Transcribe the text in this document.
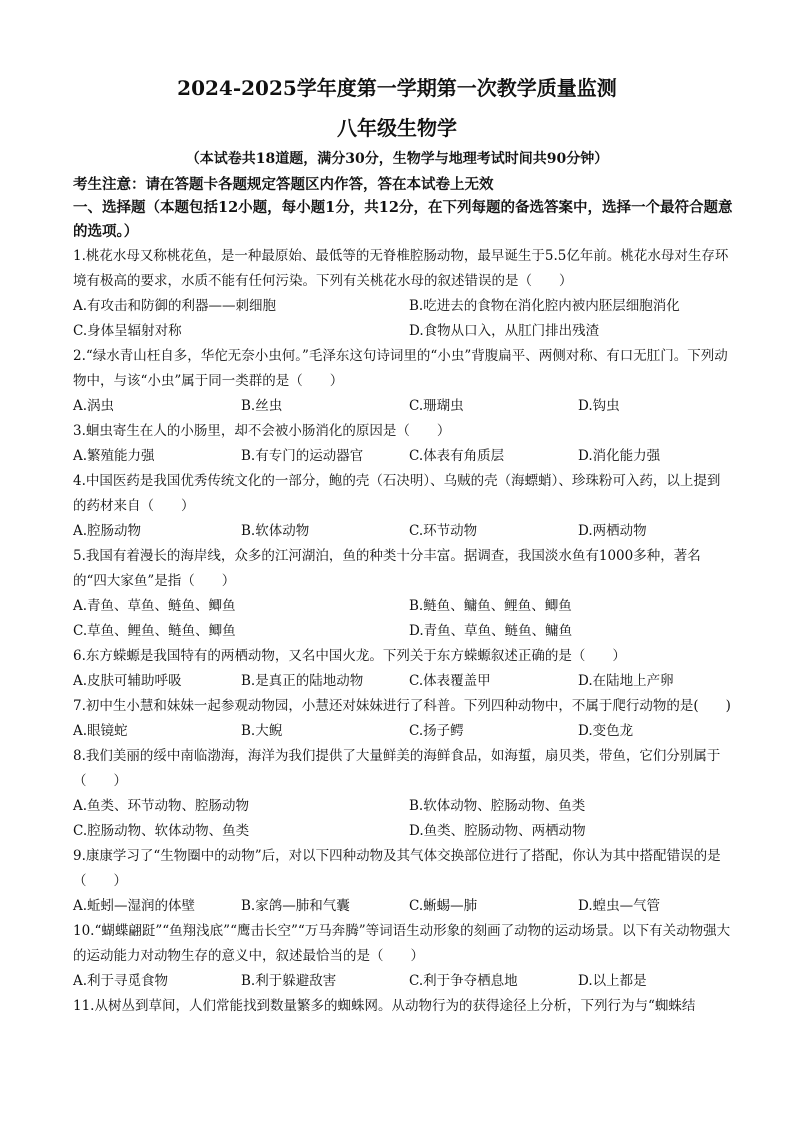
2024-2025学年度第一学期第一次教学质量监测
八年级生物学
（本试卷共18道题，满分30分，生物学与地理考试时间共90分钟）
考生注意：请在答题卡各题规定答题区内作答，答在本试卷上无效
一、选择题（本题包括12小题，每小题1分，共12分，在下列每题的备选答案中，选择一个最符合题意的选项。）
1.桃花水母又称桃花鱼，是一种最原始、最低等的无脊椎腔肠动物，最早诞生于5.5亿年前。桃花水母对生存环境有极高的要求，水质不能有任何污染。下列有关桃花水母的叙述错误的是（　　）
A.有攻击和防御的利器——刺细胞	B.吃进去的食物在消化腔内被内胚层细胞消化
C.身体呈辐射对称	D.食物从口入，从肛门排出残渣
2.“绿水青山枉自多，华佗无奈小虫何。”毛泽东这句诗词里的“小虫”背腹扁平、两侧对称、有口无肛门。下列动物中，与该“小虫”属于同一类群的是（　　）
A.涡虫	B.丝虫	C.珊瑚虫	D.钩虫
3.蛔虫寄生在人的小肠里，却不会被小肠消化的原因是（　　）
A.繁殖能力强	B.有专门的运动器官	C.体表有角质层	D.消化能力强
4.中国医药是我国优秀传统文化的一部分，鲍的壳（石决明）、乌贼的壳（海螵蛸）、珍珠粉可入药，以上提到的药材来自（　　）
A.腔肠动物	B.软体动物	C.环节动物	D.两栖动物
5.我国有着漫长的海岸线，众多的江河湖泊，鱼的种类十分丰富。据调查，我国淡水鱼有1000多种，著名的“四大家鱼”是指（　　）
A.青鱼、草鱼、鲢鱼、鲫鱼	B.鲢鱼、鳙鱼、鲤鱼、鲫鱼
C.草鱼、鲤鱼、鲢鱼、鲫鱼	D.青鱼、草鱼、鲢鱼、鳙鱼
6.东方蝾螈是我国特有的两栖动物，又名中国火龙。下列关于东方蝾螈叙述正确的是（　　）
A.皮肤可辅助呼吸	B.是真正的陆地动物	C.体表覆盖甲	D.在陆地上产卵
7.初中生小慧和妹妹一起参观动物园，小慧还对妹妹进行了科普。下列四种动物中，不属于爬行动物的是(　　)
A.眼镜蛇	B.大鲵	C.扬子鳄	D.变色龙
8.我们美丽的绥中南临渤海，海洋为我们提供了大量鲜美的海鲜食品，如海蜇，扇贝类，带鱼，它们分别属于（　　）
A.鱼类、环节动物、腔肠动物	B.软体动物、腔肠动物、鱼类
C.腔肠动物、软体动物、鱼类	D.鱼类、腔肠动物、两栖动物
9.康康学习了“生物圈中的动物”后，对以下四种动物及其气体交换部位进行了搭配，你认为其中搭配错误的是（　　）
A.蚯蚓—湿润的体壁	B.家鸽—肺和气囊	C.蜥蜴—肺	D.蝗虫—气管
10.“蝴蝶翩跹”“鱼翔浅底”“鹰击长空”“万马奔腾”等词语生动形象的刻画了动物的运动场景。以下有关动物强大的运动能力对动物生存的意义中，叙述最恰当的是（　　）
A.利于寻觅食物	B.利于躲避敌害	C.利于争夺栖息地	D.以上都是
11.从树丛到草间，人们常能找到数量繁多的蜘蛛网。从动物行为的获得途径上分析，下列行为与“蜘蛛结
